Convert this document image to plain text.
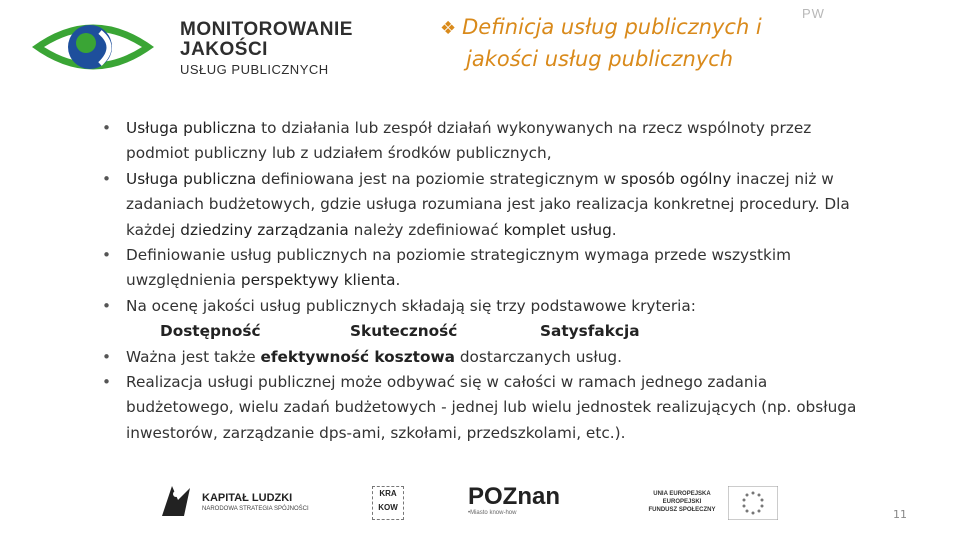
MONITOROWANIE
JAKOŚCI
USŁUG PUBLICZNYCH
PW
❖ Definicja usług publicznych i
jakości usług publicznych
• Usługa publiczna to działania lub zespół działań wykonywanych na rzecz wspólnoty przez podmiot publiczny lub z udziałem środków publicznych,
• Usługa publiczna definiowana jest na poziomie strategicznym w sposób ogólny inaczej niż w zadaniach budżetowych, gdzie usługa rozumiana jest jako realizacja konkretnej procedury. Dla każdej dziedziny zarządzania należy zdefiniować komplet usług.
• Definiowanie usług publicznych na poziomie strategicznym wymaga przede wszystkim uwzględnienia perspektywy klienta.
• Na ocenę jakości usług publicznych składają się trzy podstawowe kryteria:
Dostępność	Skuteczność	Satysfakcja
• Ważna jest także efektywność kosztowa dostarczanych usług.
• Realizacja usługi publicznej może odbywać się w całości w ramach jednego zadania budżetowego, wielu zadań budżetowych - jednej lub wielu jednostek realizujących (np. obsługa inwestorów, zarządzanie dps-ami, szkołami, przedszkolami, etc.).
KAPITAŁ LUDZKI
NARODOWA STRATEGIA SPÓJNOŚCI
KRA KOW	POZnan
•Miasto know-how
UNIA EUROPEJSKA
EUROPEJSKI
FUNDUSZ SPOŁECZNY	11
